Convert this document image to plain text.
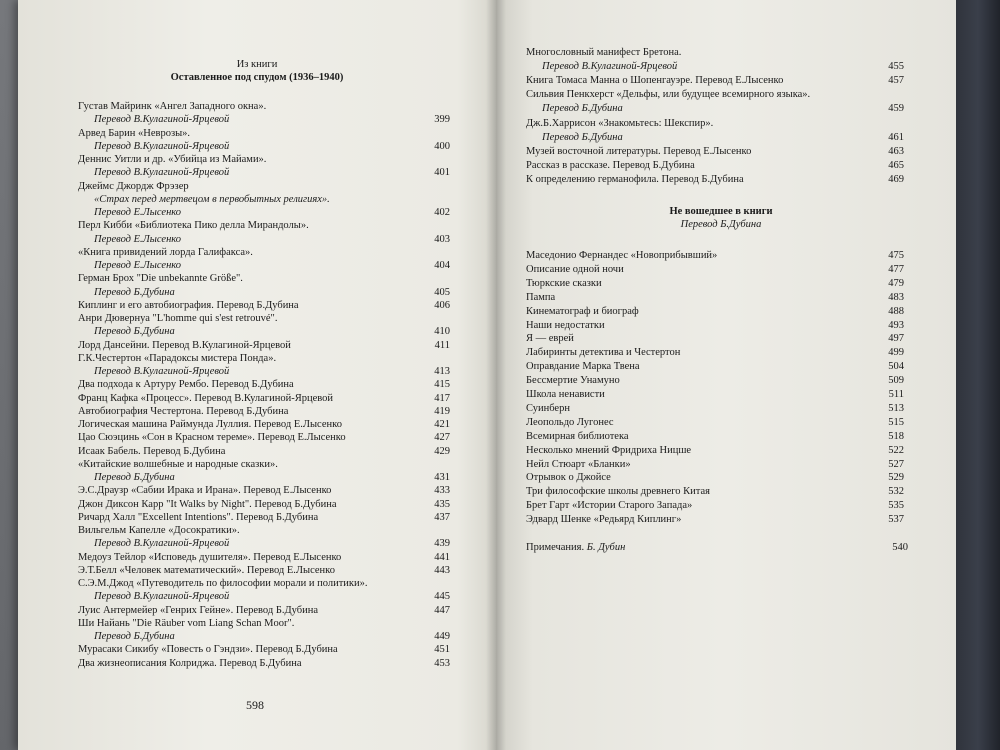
Из книги
Оставленное под спудом (1936–1940)
Густав Майринк «Ангел Западного окна».
Перевод В.Кулагиной-Ярцевой	399
Арвед Барин «Неврозы».
Перевод В.Кулагиной-Ярцевой	400
Деннис Уитли и др. «Убийца из Майами».
Перевод В.Кулагиной-Ярцевой	401
Джеймс Джордж Фрэзер
«Страх перед мертвецом в первобытных религиях».
Перевод Е.Лысенко	402
Перл Кибби «Библиотека Пико делла Мирандолы».
Перевод Е.Лысенко	403
«Книга привидений лорда Галифакса».
Перевод Е.Лысенко	404
Герман Брох "Die unbekannte Größe".
Перевод Б.Дубина	405
Киплинг и его автобиография. Перевод Б.Дубина	406
Анри Дювернуа "L'homme qui s'est retrouvé".
Перевод Б.Дубина	410
Лорд Дансейни. Перевод В.Кулагиной-Ярцевой	411
Г.К.Честертон «Парадоксы мистера Понда».
Перевод В.Кулагиной-Ярцевой	413
Два подхода к Артуру Рембо. Перевод Б.Дубина	415
Франц Кафка «Процесс». Перевод В.Кулагиной-Ярцевой	417
Автобиография Честертона. Перевод Б.Дубина	419
Логическая машина Раймунда Луллия. Перевод Е.Лысенко	421
Цао Сюэцинь «Сон в Красном тереме». Перевод Е.Лысенко	427
Исаак Бабель. Перевод Б.Дубина	429
«Китайские волшебные и народные сказки».
Перевод Б.Дубина	431
Э.С.Драузр «Сабии Ирака и Ирана». Перевод Е.Лысенко	433
Джон Диксон Карр "It Walks by Night". Перевод Б.Дубина	435
Ричард Халл "Excellent Intentions". Перевод Б.Дубина	437
Вильгельм Капелле «Досократики».
Перевод В.Кулагиной-Ярцевой	439
Медоуз Тейлор «Исповедь душителя». Перевод Е.Лысенко	441
Э.Т.Белл «Человек математический». Перевод Е.Лысенко	443
С.Э.М.Джод «Путеводитель по философии морали и политики».
Перевод В.Кулагиной-Ярцевой	445
Луис Антермейер «Генрих Гейне». Перевод Б.Дубина	447
Ши Найань "Die Räuber vom Liang Schan Moor".
Перевод Б.Дубина	449
Мурасаки Сикибу «Повесть о Гэндзи». Перевод Б.Дубина	451
Два жизнеописания Колриджа. Перевод Б.Дубина	453
598
Многословный манифест Бретона.
Перевод В.Кулагиной-Ярцевой	455
Книга Томаса Манна о Шопенгауэре. Перевод Е.Лысенко	457
Сильвия Пенкхерст «Дельфы, или будущее всемирного языка».
Перевод Б.Дубина	459
Дж.Б.Харрисон «Знакомьтесь: Шекспир».
Перевод Б.Дубина	461
Музей восточной литературы. Перевод Е.Лысенко	463
Рассказ в рассказе. Перевод Б.Дубина	465
К определению германофила. Перевод Б.Дубина	469
Не вошедшее в книги
Перевод Б.Дубина
Маседонио Фернандес «Новоприбывший»	475
Описание одной ночи	477
Тюркские сказки	479
Пампа	483
Кинематограф и биограф	488
Наши недостатки	493
Я — еврей	497
Лабиринты детектива и Честертон	499
Оправдание Марка Твена	504
Бессмертие Унамуно	509
Школа ненависти	511
Суинберн	513
Леопольдо Лугонес	515
Всемирная библиотека	518
Несколько мнений Фридриха Ницше	522
Нейл Стюарт «Бланки»	527
Отрывок о Джойсе	529
Три философские школы древнего Китая	532
Брет Гарт «Истории Старого Запада»	535
Эдвард Шенке «Редьярд Киплинг»	537
Примечания. Б. Дубин	540
